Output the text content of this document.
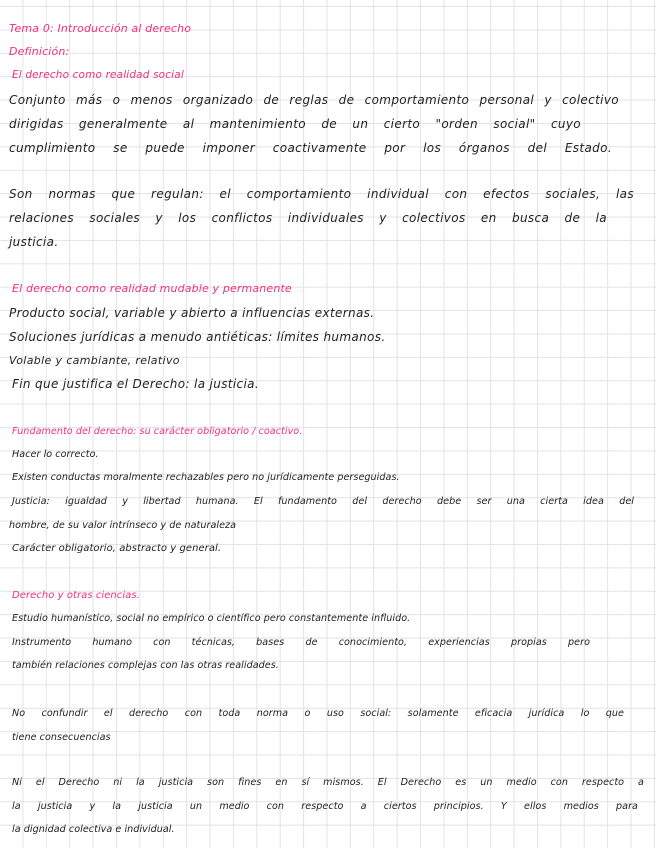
Tema 0: Introducción al derecho
Definición:
El derecho como realidad social
Conjunto más o menos organizado de reglas de comportamiento personal y colectivo
dirigidas generalmente al mantenimiento de un cierto "orden social" cuyo
cumplimiento se puede imponer coactivamente por los órganos del Estado.
Son normas que regulan: el comportamiento individual con efectos sociales, las
relaciones sociales y los conflictos individuales y colectivos en busca de la
justicia.
El derecho como realidad mudable y permanente
Producto social, variable y abierto a influencias externas.
Soluciones jurídicas a menudo antiéticas: límites humanos.
Volable y cambiante, relativo
Fin que justifica el Derecho: la justicia.
Fundamento del derecho: su carácter obligatorio / coactivo.
Hacer lo correcto.
Existen conductas moralmente rechazables pero no jurídicamente perseguidas.
Justicia: igualdad y libertad humana. El fundamento del derecho debe ser una cierta idea del
hombre, de su valor intrínseco y de naturaleza
Carácter obligatorio, abstracto y general.
Derecho y otras ciencias.
Estudio humanístico, social no empírico o científico pero constantemente influido.
Instrumento humano con técnicas, bases de conocimiento, experiencias propias pero
también relaciones complejas con las otras realidades.
No confundir el derecho con toda norma o uso social: solamente eficacia jurídica lo que
tiene consecuencias
Ni el Derecho ni la justicia son fines en sí mismos. El Derecho es un medio con respecto a
la justicia y la justicia un medio con respecto a ciertos principios. Y ellos medios para
la dignidad colectiva e individual.
